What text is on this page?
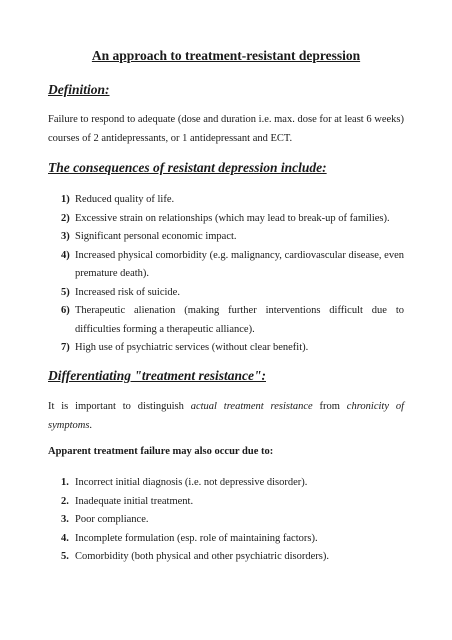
An approach to treatment-resistant depression
Definition:

Failure to respond to adequate (dose and duration i.e. max. dose for at least 6 weeks) courses of 2 antidepressants, or 1 antidepressant and ECT.

The consequences of resistant depression include:
1) Reduced quality of life.
2) Excessive strain on relationships (which may lead to break-up of families).
3) Significant personal economic impact.
4) Increased physical comorbidity (e.g. malignancy, cardiovascular disease, even premature death).
5) Increased risk of suicide.
6) Therapeutic alienation (making further interventions difficult due to difficulties forming a therapeutic alliance).
7) High use of psychiatric services (without clear benefit).
Differentiating "treatment resistance":

It is important to distinguish actual treatment resistance from chronicity of symptoms.

Apparent treatment failure may also occur due to:

1. Incorrect initial diagnosis (i.e. not depressive disorder).
2. Inadequate initial treatment.
3. Poor compliance.
4. Incomplete formulation (esp. role of maintaining factors).
5. Comorbidity (both physical and other psychiatric disorders).
